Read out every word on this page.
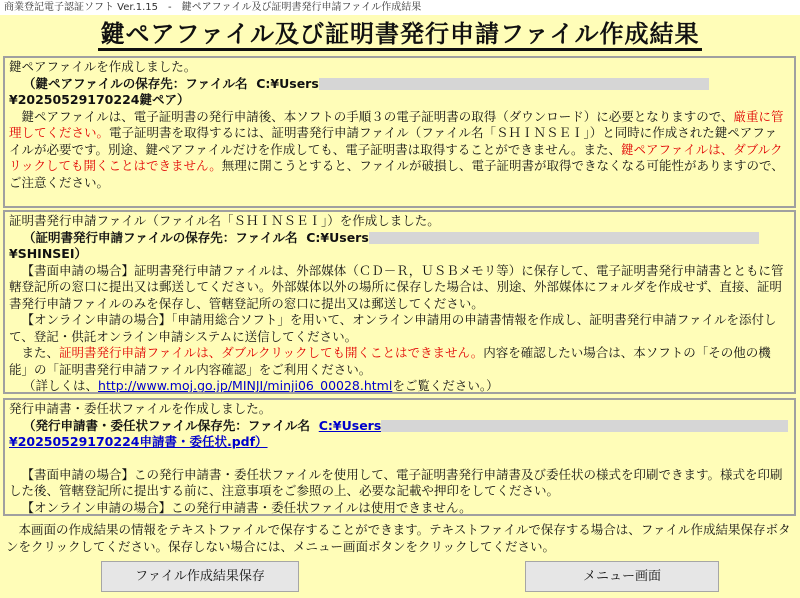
商業登記電子認証ソフト Ver.1.15　-　鍵ペアファイル及び証明書発行申請ファイル作成結果
鍵ペアファイル及び証明書発行申請ファイル作成結果
鍵ペアファイルを作成しました。
（鍵ペアファイルの保存先：ファイル名 C:¥Users
¥20250529170224鍵ペア）
鍵ペアファイルは、電子証明書の発行申請後、本ソフトの手順３の電子証明書の取得（ダウンロード）に必要となりますので、厳重に管理してください。電子証明書を取得するには、証明書発行申請ファイル（ファイル名「ＳＨＩＮＳＥＩ」）と同時に作成された鍵ペアファイルが必要です。別途、鍵ペアファイルだけを作成しても、電子証明書は取得することができません。また、鍵ペアファイルは、ダブルクリックしても開くことはできません。無理に開こうとすると、ファイルが破損し、電子証明書が取得できなくなる可能性がありますので、ご注意ください。
証明書発行申請ファイル（ファイル名「ＳＨＩＮＳＥＩ」）を作成しました。
（証明書発行申請ファイルの保存先：ファイル名 C:¥Users
¥SHINSEI）
【書面申請の場合】証明書発行申請ファイルは、外部媒体（ＣＤ－Ｒ，ＵＳＢメモリ等）に保存して、電子証明書発行申請書とともに管轄登記所の窓口に提出又は郵送してください。外部媒体以外の場所に保存した場合は、別途、外部媒体にフォルダを作成せず、直接、証明書発行申請ファイルのみを保存し、管轄登記所の窓口に提出又は郵送してください。
【オンライン申請の場合】「申請用総合ソフト」を用いて、オンライン申請用の申請書情報を作成し、証明書発行申請ファイルを添付して、登記・供託オンライン申請システムに送信してください。
また、証明書発行申請ファイルは、ダブルクリックしても開くことはできません。内容を確認したい場合は、本ソフトの「その他の機能」の「証明書発行申請ファイル内容確認」をご利用ください。
（詳しくは、http://www.moj.go.jp/MINJI/minji06_00028.htmlをご覧ください。）
発行申請書・委任状ファイルを作成しました。
（発行申請書・委任状ファイル保存先：ファイル名 C:¥Users
¥20250529170224申請書・委任状.pdf）
【書面申請の場合】この発行申請書・委任状ファイルを使用して、電子証明書発行申請書及び委任状の様式を印刷できます。様式を印刷した後、管轄登記所に提出する前に、注意事項をご参照の上、必要な記載や押印をしてください。
【オンライン申請の場合】この発行申請書・委任状ファイルは使用できません。
本画面の作成結果の情報をテキストファイルで保存することができます。テキストファイルで保存する場合は、ファイル作成結果保存ボタンをクリックしてください。保存しない場合には、メニュー画面ボタンをクリックしてください。
ファイル作成結果保存	メニュー画面
